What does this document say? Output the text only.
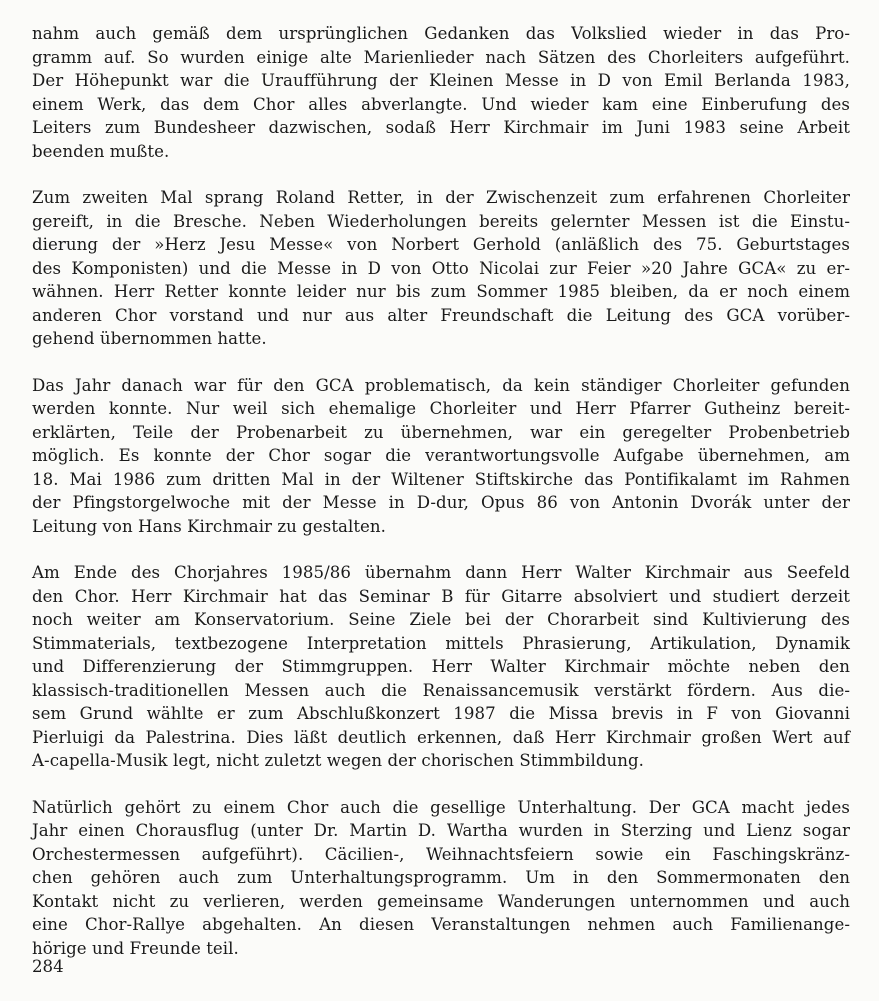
nahm auch gemäß dem ursprünglichen Gedanken das Volkslied wieder in das Pro-
gramm auf. So wurden einige alte Marienlieder nach Sätzen des Chorleiters aufgeführt.
Der Höhepunkt war die Uraufführung der Kleinen Messe in D von Emil Berlanda 1983,
einem Werk, das dem Chor alles abverlangte. Und wieder kam eine Einberufung des
Leiters zum Bundesheer dazwischen, sodaß Herr Kirchmair im Juni 1983 seine Arbeit
beenden mußte.
Zum zweiten Mal sprang Roland Retter, in der Zwischenzeit zum erfahrenen Chorleiter
gereift, in die Bresche. Neben Wiederholungen bereits gelernter Messen ist die Einstu-
dierung der »Herz Jesu Messe« von Norbert Gerhold (anläßlich des 75. Geburtstages
des Komponisten) und die Messe in D von Otto Nicolai zur Feier »20 Jahre GCA« zu er-
wähnen. Herr Retter konnte leider nur bis zum Sommer 1985 bleiben, da er noch einem
anderen Chor vorstand und nur aus alter Freundschaft die Leitung des GCA vorüber-
gehend übernommen hatte.
Das Jahr danach war für den GCA problematisch, da kein ständiger Chorleiter gefunden
werden konnte. Nur weil sich ehemalige Chorleiter und Herr Pfarrer Gutheinz bereit-
erklärten, Teile der Probenarbeit zu übernehmen, war ein geregelter Probenbetrieb
möglich. Es konnte der Chor sogar die verantwortungsvolle Aufgabe übernehmen, am
18. Mai 1986 zum dritten Mal in der Wiltener Stiftskirche das Pontifikalamt im Rahmen
der Pfingstorgelwoche mit der Messe in D-dur, Opus 86 von Antonin Dvorák unter der
Leitung von Hans Kirchmair zu gestalten.
Am Ende des Chorjahres 1985/86 übernahm dann Herr Walter Kirchmair aus Seefeld
den Chor. Herr Kirchmair hat das Seminar B für Gitarre absolviert und studiert derzeit
noch weiter am Konservatorium. Seine Ziele bei der Chorarbeit sind Kultivierung des
Stimmaterials, textbezogene Interpretation mittels Phrasierung, Artikulation, Dynamik
und Differenzierung der Stimmgruppen. Herr Walter Kirchmair möchte neben den
klassisch-traditionellen Messen auch die Renaissancemusik verstärkt fördern. Aus die-
sem Grund wählte er zum Abschlußkonzert 1987 die Missa brevis in F von Giovanni
Pierluigi da Palestrina. Dies läßt deutlich erkennen, daß Herr Kirchmair großen Wert auf
A-capella-Musik legt, nicht zuletzt wegen der chorischen Stimmbildung.
Natürlich gehört zu einem Chor auch die gesellige Unterhaltung. Der GCA macht jedes
Jahr einen Chorausflug (unter Dr. Martin D. Wartha wurden in Sterzing und Lienz sogar
Orchestermessen aufgeführt). Cäcilien-, Weihnachtsfeiern sowie ein Faschingskränz-
chen gehören auch zum Unterhaltungsprogramm. Um in den Sommermonaten den
Kontakt nicht zu verlieren, werden gemeinsame Wanderungen unternommen und auch
eine Chor-Rallye abgehalten. An diesen Veranstaltungen nehmen auch Familienange-
hörige und Freunde teil.
284
